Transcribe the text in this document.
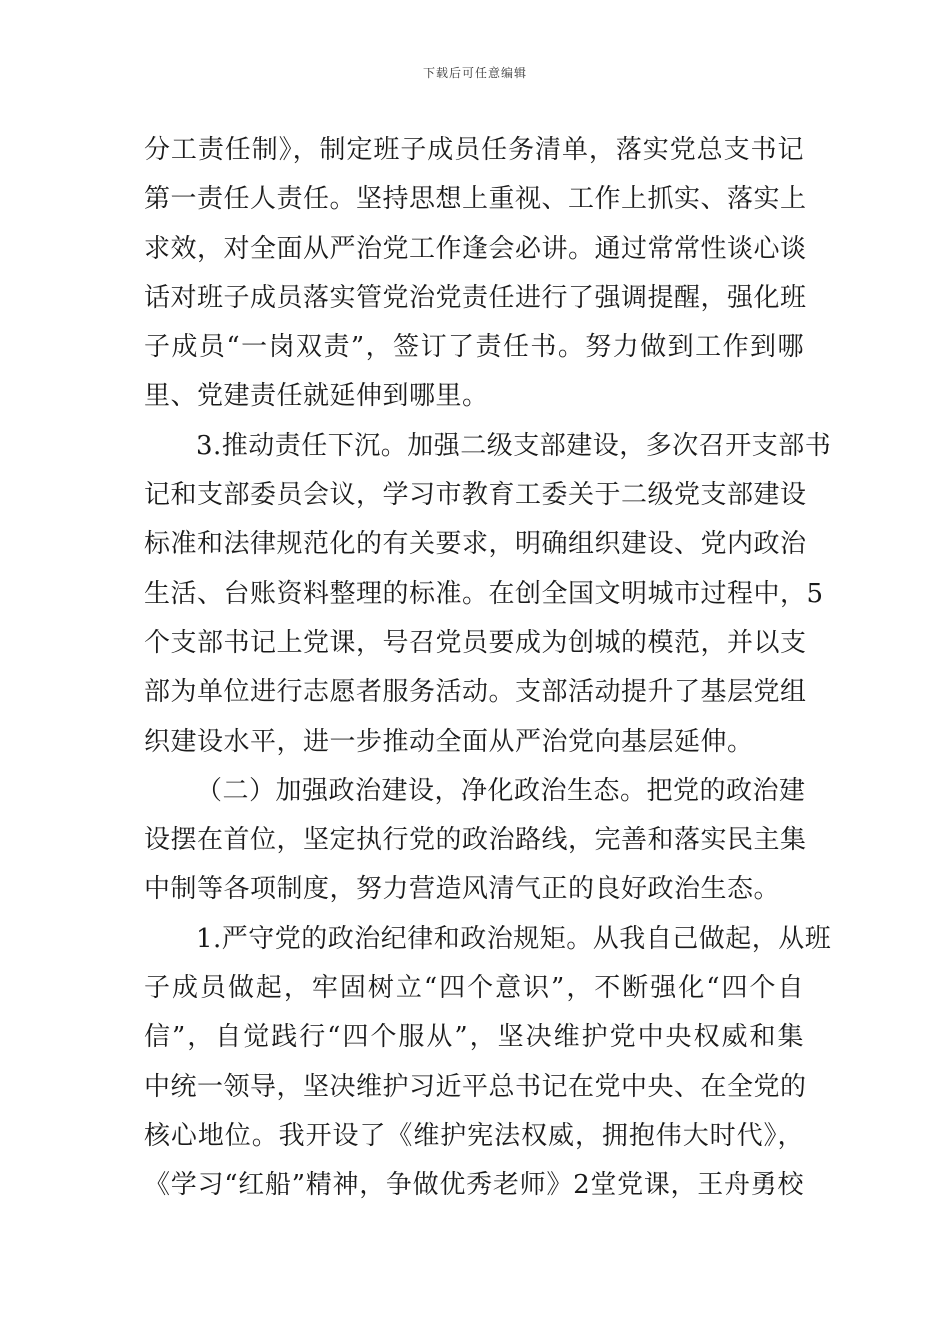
下载后可任意编辑
分工责任制》，制定班子成员任务清单，落实党总支书记
第一责任人责任。坚持思想上重视、工作上抓实、落实上
求效，对全面从严治党工作逢会必讲。通过常常性谈心谈
话对班子成员落实管党治党责任进行了强调提醒，强化班
子成员“一岗双责”，签订了责任书。努力做到工作到哪
里、党建责任就延伸到哪里。
3.推动责任下沉。加强二级支部建设，多次召开支部书
记和支部委员会议，学习市教育工委关于二级党支部建设
标准和法律规范化的有关要求，明确组织建设、党内政治
生活、台账资料整理的标准。在创全国文明城市过程中，5
个支部书记上党课，号召党员要成为创城的模范，并以支
部为单位进行志愿者服务活动。支部活动提升了基层党组
织建设水平，进一步推动全面从严治党向基层延伸。
（二）加强政治建设，净化政治生态。把党的政治建
设摆在首位，坚定执行党的政治路线，完善和落实民主集
中制等各项制度，努力营造风清气正的良好政治生态。
1.严守党的政治纪律和政治规矩。从我自己做起，从班
子成员做起，牢固树立“四个意识”，不断强化“四个自
信”，自觉践行“四个服从”，坚决维护党中央权威和集
中统一领导，坚决维护习近平总书记在党中央、在全党的
核心地位。我开设了《维护宪法权威，拥抱伟大时代》，
《学习“红船”精神，争做优秀老师》2堂党课，王舟勇校
